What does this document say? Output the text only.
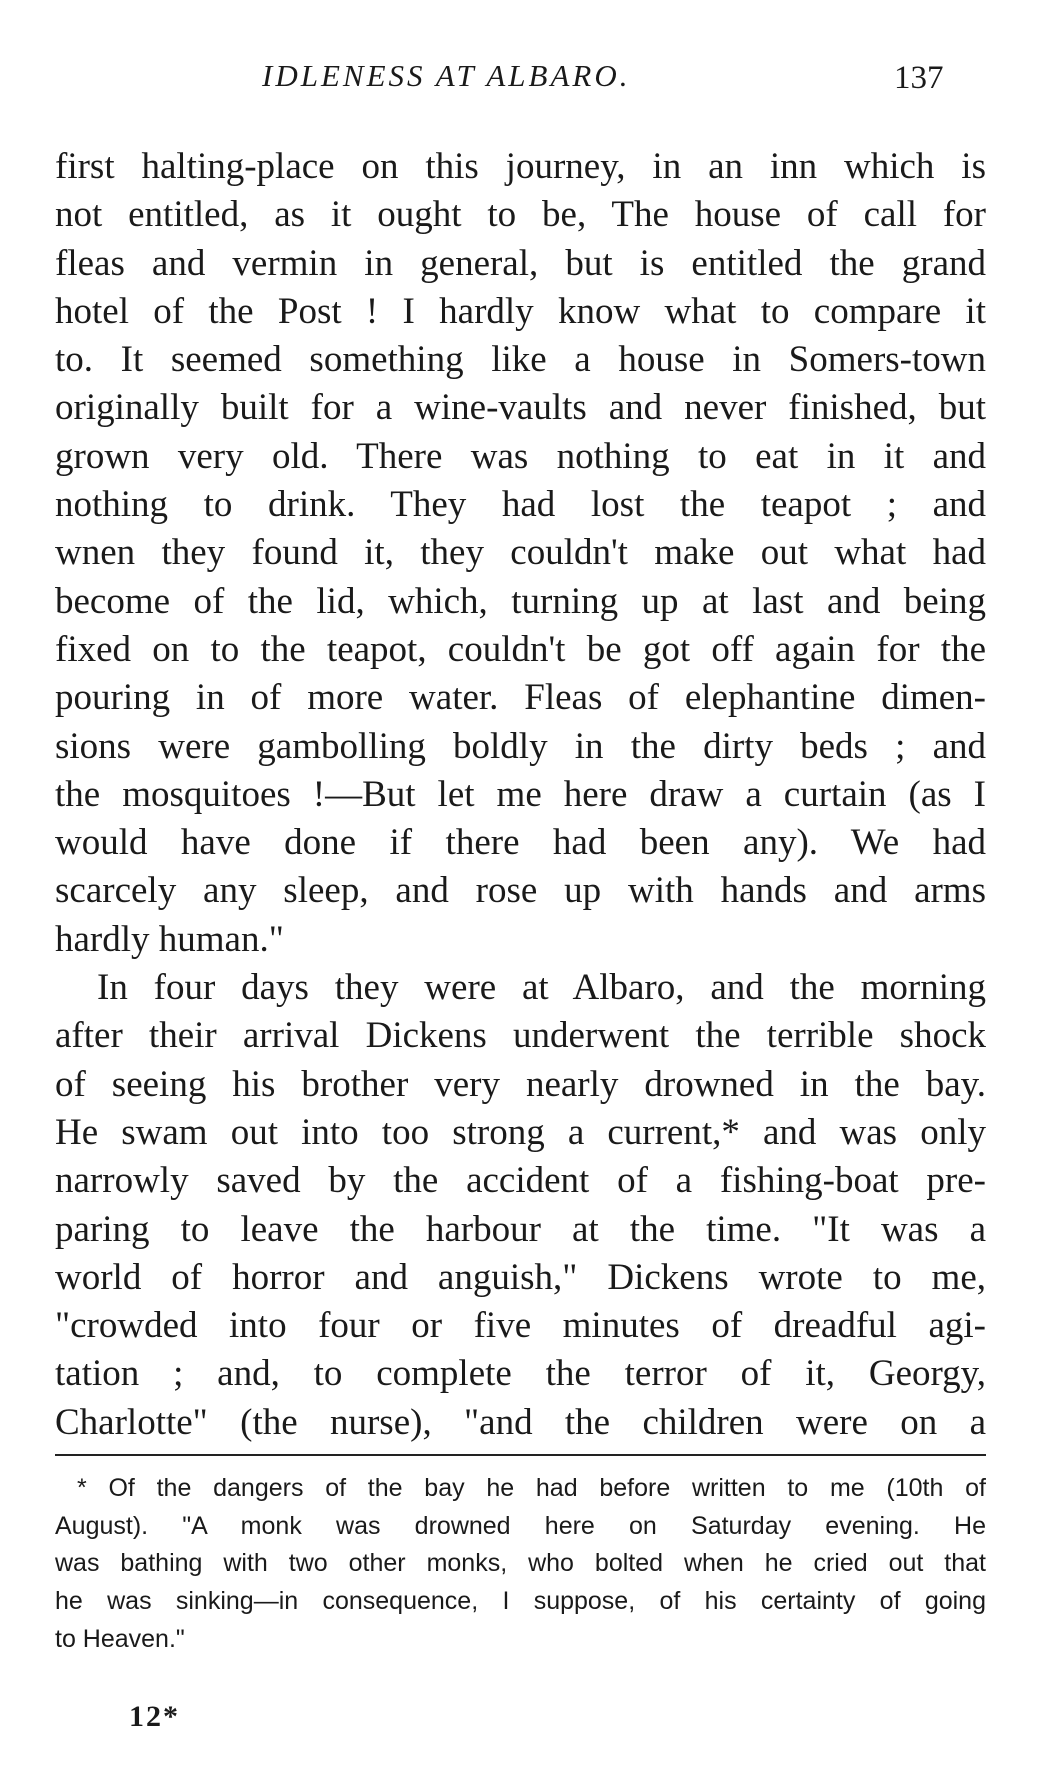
IDLENESS AT ALBARO.	137
first halting-place on this journey, in an inn which is
not entitled, as it ought to be, The house of call for
fleas and vermin in general, but is entitled the grand
hotel of the Post ! I hardly know what to compare it
to. It seemed something like a house in Somers-town
originally built for a wine-vaults and never finished, but
grown very old. There was nothing to eat in it and
nothing to drink. They had lost the teapot ; and
wnen they found it, they couldn't make out what had
become of the lid, which, turning up at last and being
fixed on to the teapot, couldn't be got off again for the
pouring in of more water. Fleas of elephantine dimen-
sions were gambolling boldly in the dirty beds ; and
the mosquitoes !—But let me here draw a curtain (as I
would have done if there had been any). We had
scarcely any sleep, and rose up with hands and arms
hardly human."
In four days they were at Albaro, and the morning
after their arrival Dickens underwent the terrible shock
of seeing his brother very nearly drowned in the bay.
He swam out into too strong a current,* and was only
narrowly saved by the accident of a fishing-boat pre-
paring to leave the harbour at the time. "It was a
world of horror and anguish," Dickens wrote to me,
"crowded into four or five minutes of dreadful agi-
tation ; and, to complete the terror of it, Georgy,
Charlotte" (the nurse), "and the children were on a
* Of the dangers of the bay he had before written to me (10th of
August). "A monk was drowned here on Saturday evening. He
was bathing with two other monks, who bolted when he cried out that
he was sinking—in consequence, I suppose, of his certainty of going
to Heaven."
12*
